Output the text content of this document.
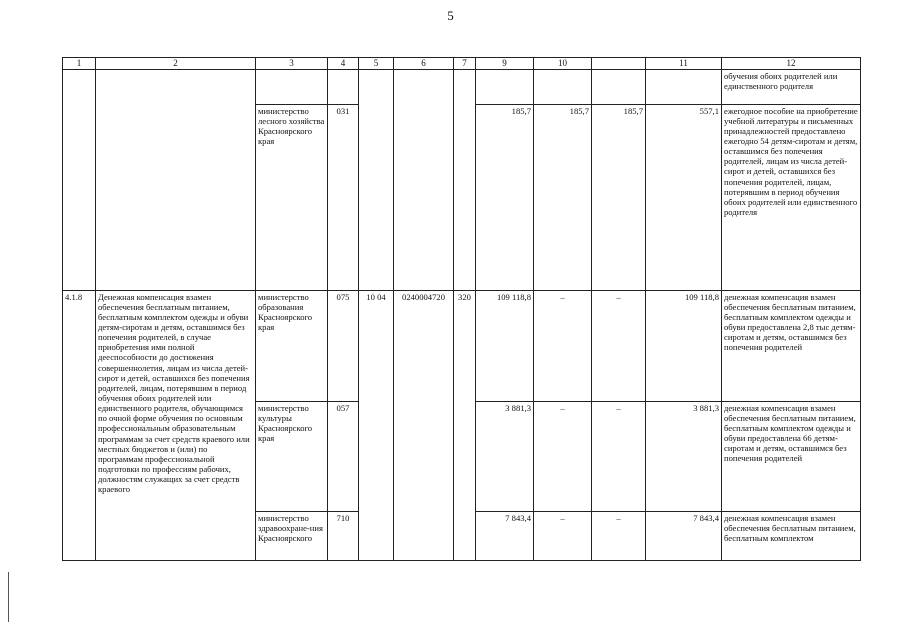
5
1	2	3	4	5	6	7	9	10		11	12
											обучения обоих родителей или единственного родителя
		министерство лесного хозяйства Красноярского края	031				185,7	185,7	185,7	557,1	ежегодное пособие на приобретение учебной литературы и письменных принадлежностей предоставлено ежегодно 54 детям-сиротам и детям, оставшимся без попечения родителей, лицам из числа детей-сирот и детей, оставшихся без попечения родителей, лицам, потерявшим в период обучения обоих родителей или единственного родителя
4.1.8	Денежная компенсация взамен обеспечения бесплатным питанием, бесплатным комплектом одежды и обуви детям-сиротам и детям, оставшимся без попечения родителей, в случае приобретения ими полной дееспособности до достижения совершеннолетия, лицам из числа детей-сирот и детей, оставшихся без попечения родителей, лицам, потерявшим в период обучения обоих родителей или единственного родителя, обучающимся по очной форме обучения по основным профессиональным образовательным программам за счет средств краевого или местных бюджетов и (или) по программам профессиональной подготовки по профессиям рабочих, должностям служащих за счет средств краевого	министерство образования Красноярского края	075	10 04	0240004720	320	109 118,8	–	–	109 118,8	денежная компенсация взамен обеспечения бесплатным питанием, бесплатным комплектом одежды и обуви предоставлена 2,8 тыс детям-сиротам и детям, оставшимся без попечения родителей
		министерство культуры Красноярского края	057				3 881,3	–	–	3 881,3	денежная компенсация взамен обеспечения бесплатным питанием, бесплатным комплектом одежды и обуви предоставлена 66 детям-сиротам и детям, оставшимся без попечения родителей
		министерство здравоохране-ния Красноярского	710				7 843,4	–	–	7 843,4	денежная компенсация взамен обеспечения бесплатным питанием, бесплатным комплектом
